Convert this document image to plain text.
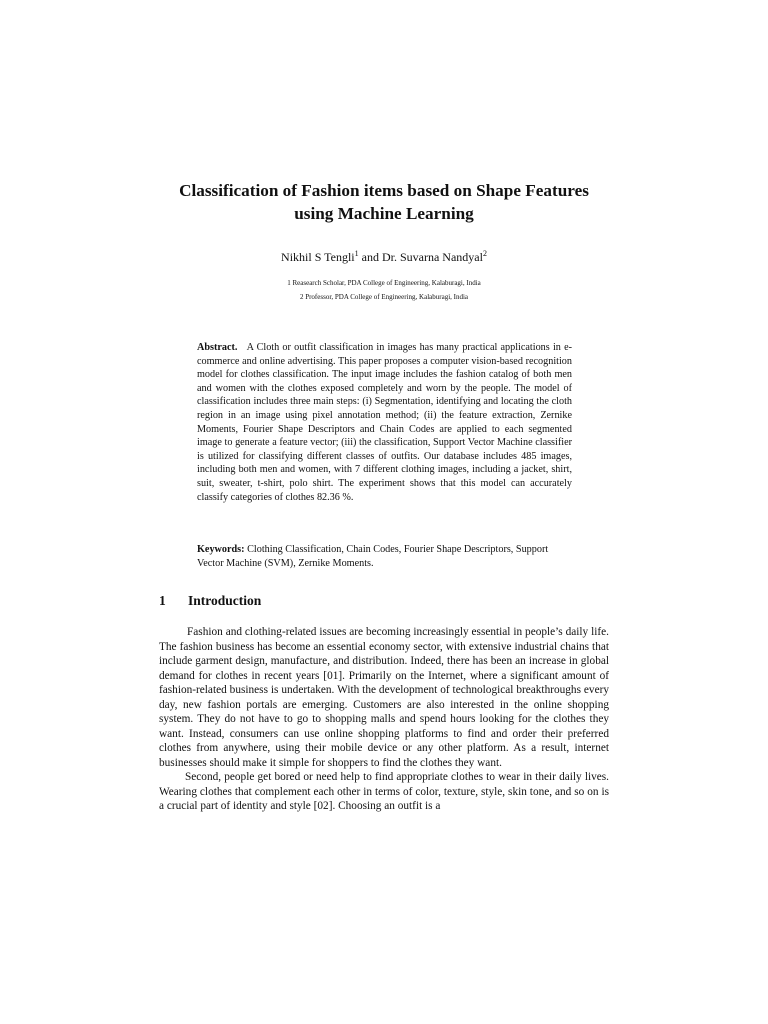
Classification of Fashion items based on Shape Features
using Machine Learning
Nikhil S Tengli$^1$ and Dr. Suvarna Nandyal$^2$
1 Reasearch Scholar, PDA College of Engineering, Kalaburagi, India
2 Professor, PDA College of Engineering, Kalaburagi, India

Abstract. A Cloth or outfit classification in images has many practical applications in e-commerce and online advertising. This paper proposes a computer vision-based recognition model for clothes classification. The input image includes the fashion catalog of both men and women with the clothes exposed completely and worn by the people. The model of classification includes three main steps: (i) Segmentation, identifying and locating the cloth region in an image using pixel annotation method; (ii) the feature extraction, Zernike Moments, Fourier Shape Descriptors and Chain Codes are applied to each segmented image to generate a feature vector; (iii) the classification, Support Vector Machine classifier is utilized for classifying different classes of outfits. Our database includes 485 images, including both men and women, with 7 different clothing images, including a jacket, shirt, suit, sweater, t-shirt, polo shirt. The experiment shows that this model can accurately classify categories of clothes 82.36 %.

Keywords: Clothing Classification, Chain Codes, Fourier Shape Descriptors, Support Vector Machine (SVM), Zernike Moments.

1 Introduction

Fashion and clothing-related issues are becoming increasingly essential in people’s daily life. The fashion business has become an essential economy sector, with extensive industrial chains that include garment design, manufacture, and distribution. Indeed, there has been an increase in global demand for clothes in recent years [01]. Primarily on the Internet, where a significant amount of fashion-related business is undertaken. With the development of technological breakthroughs every day, new fashion portals are emerging. Customers are also interested in the online shopping system. They do not have to go to shopping malls and spend hours looking for the clothes they want. Instead, consumers can use online shopping platforms to find and order their preferred clothes from anywhere, using their mobile device or any other platform. As a result, internet businesses should make it simple for shoppers to find the clothes they want.

Second, people get bored or need help to find appropriate clothes to wear in their daily lives. Wearing clothes that complement each other in terms of color, texture, style, skin tone, and so on is a crucial part of identity and style [02]. Choosing an outfit is a
